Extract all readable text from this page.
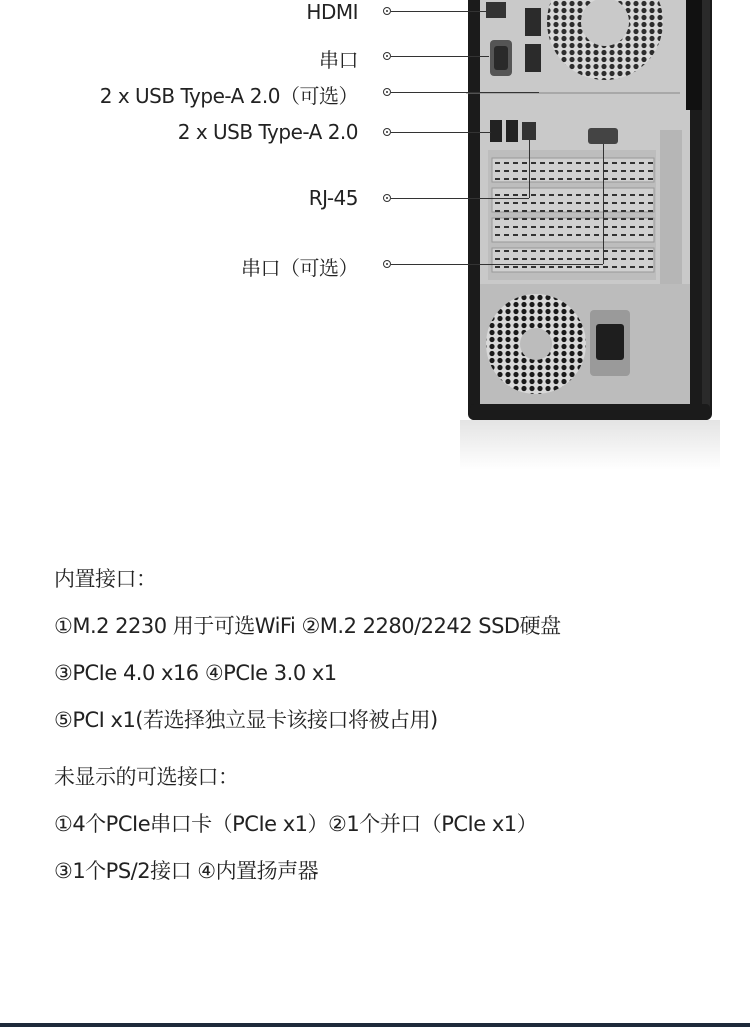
HDMI
串口
2 x USB Type-A 2.0（可选）
2 x USB Type-A 2.0
RJ-45
串口（可选）
内置接口：
①M.2 2230 用于可选WiFi ②M.2 2280/2242 SSD硬盘
③PCIe 4.0 x16 ④PCIe 3.0 x1
⑤PCI x1(若选择独立显卡该接口将被占用)
未显示的可选接口：
①4个PCIe串口卡（PCIe x1）②1个并口（PCIe x1）
③1个PS/2接口 ④内置扬声器
